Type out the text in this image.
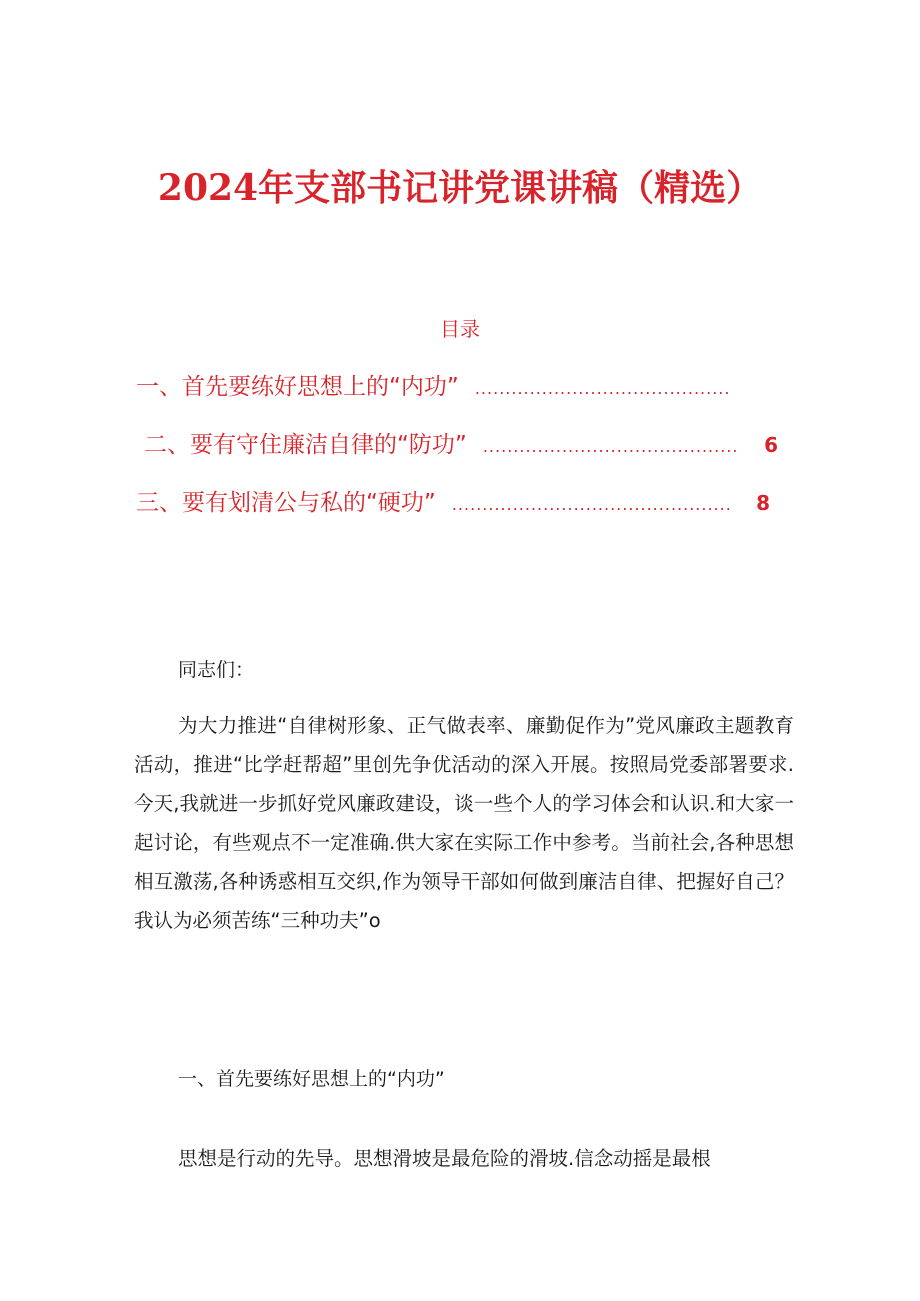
2024年支部书记讲党课讲稿（精选）
目录
一、首先要练好思想上的“内功” ..........................................
二、要有守住廉洁自律的“防功” ..........................................	6
三、要有划清公与私的“硬功” ..............................................	8
同志们：
为大力推进“自律树形象、正气做表率、廉勤促作为”党风廉政主题教育活动，推进“比学赶帮超”里创先争优活动的深入开展。按照局党委部署要求.今天,我就进一步抓好党风廉政建设，谈一些个人的学习体会和认识.和大家一起讨论，有些观点不一定准确.供大家在实际工作中参考。当前社会,各种思想相互激荡,各种诱惑相互交织,作为领导干部如何做到廉洁自律、把握好自己？我认为必须苦练“三种功夫”o
一、首先要练好思想上的“内功”
思想是行动的先导。思想滑坡是最危险的滑坡.信念动摇是最根
